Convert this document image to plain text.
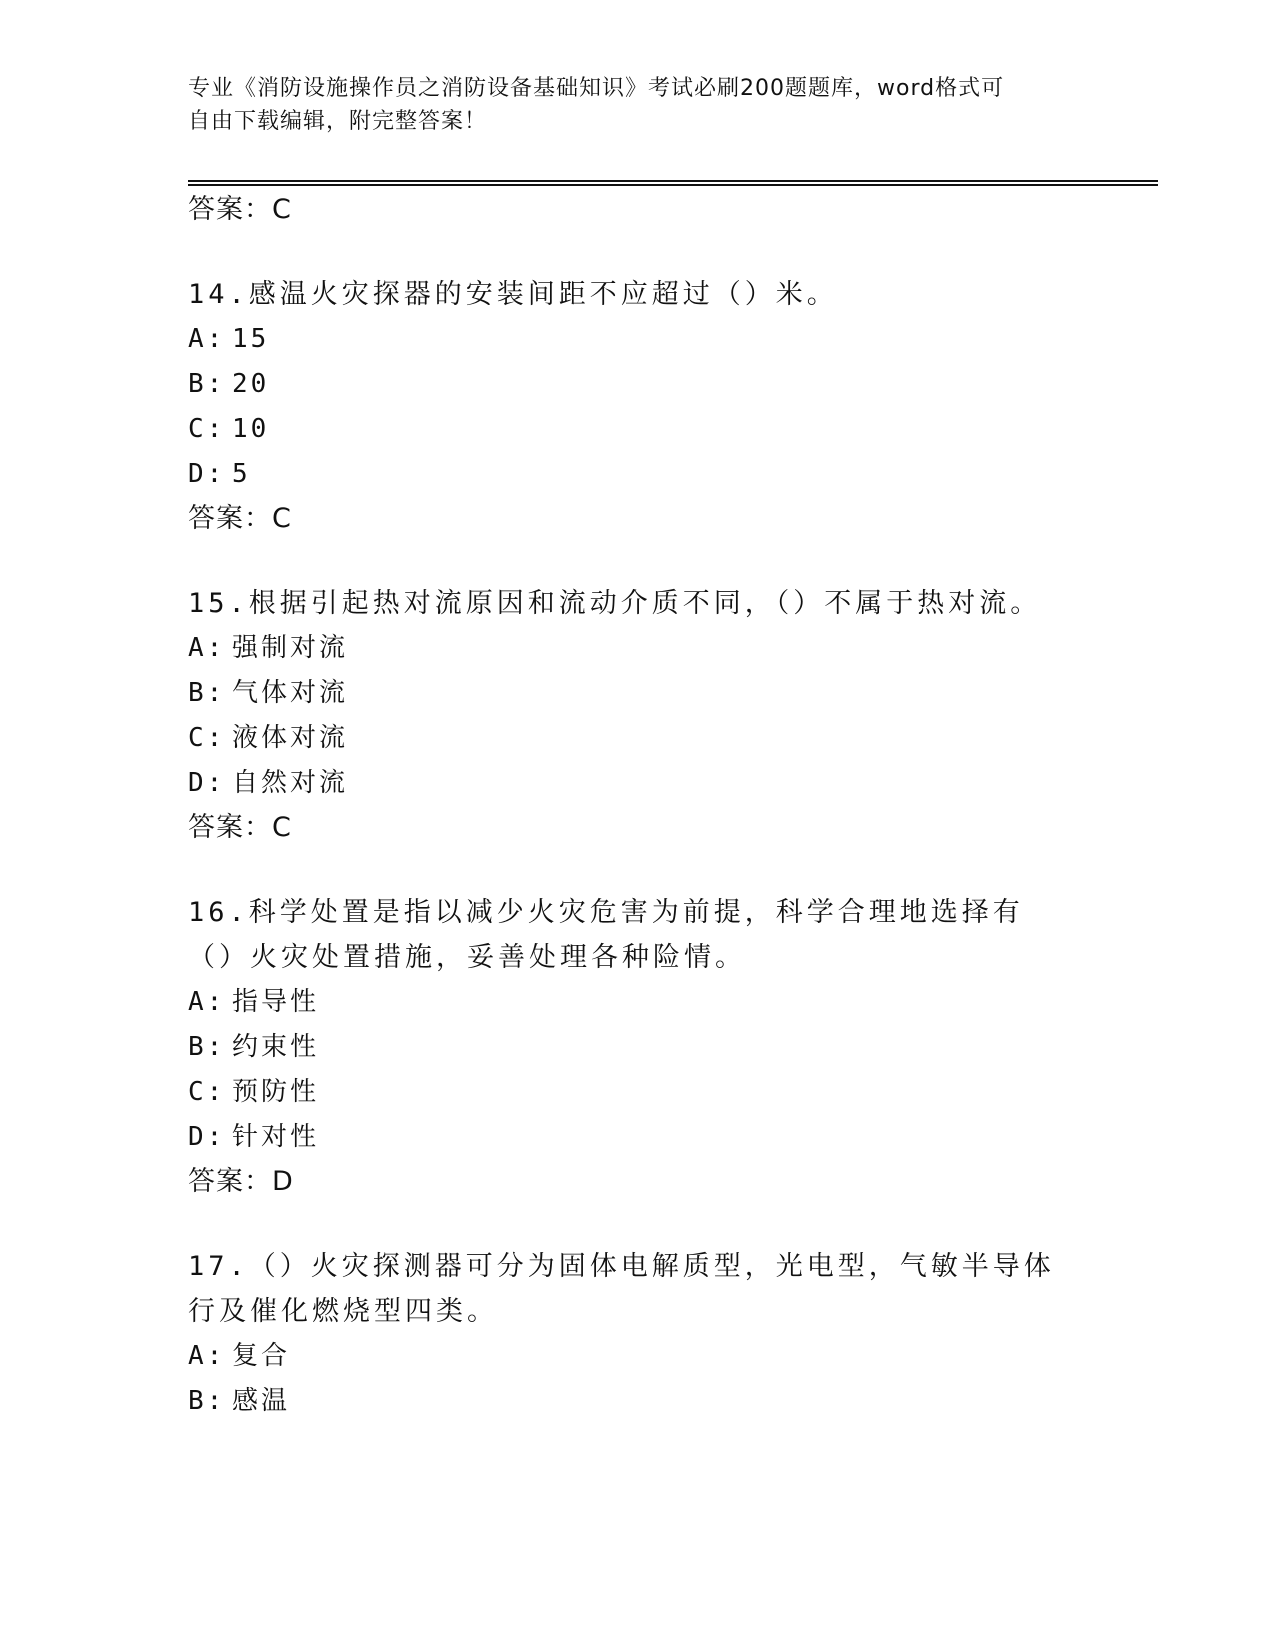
专业《消防设施操作员之消防设备基础知识》考试必刷200题题库，word格式可
自由下载编辑，附完整答案！
答案：C
14.感温火灾探器的安装间距不应超过（）米。
A: 15
B: 20
C: 10
D: 5
答案：C
15.根据引起热对流原因和流动介质不同，（）不属于热对流。
A: 强制对流
B: 气体对流
C: 液体对流
D: 自然对流
答案：C
16.科学处置是指以减少火灾危害为前提，科学合理地选择有（）火灾处置措施，妥善处理各种险情。
A: 指导性
B: 约束性
C: 预防性
D: 针对性
答案：D
17.（）火灾探测器可分为固体电解质型，光电型，气敏半导体行及催化燃烧型四类。
A: 复合
B: 感温
